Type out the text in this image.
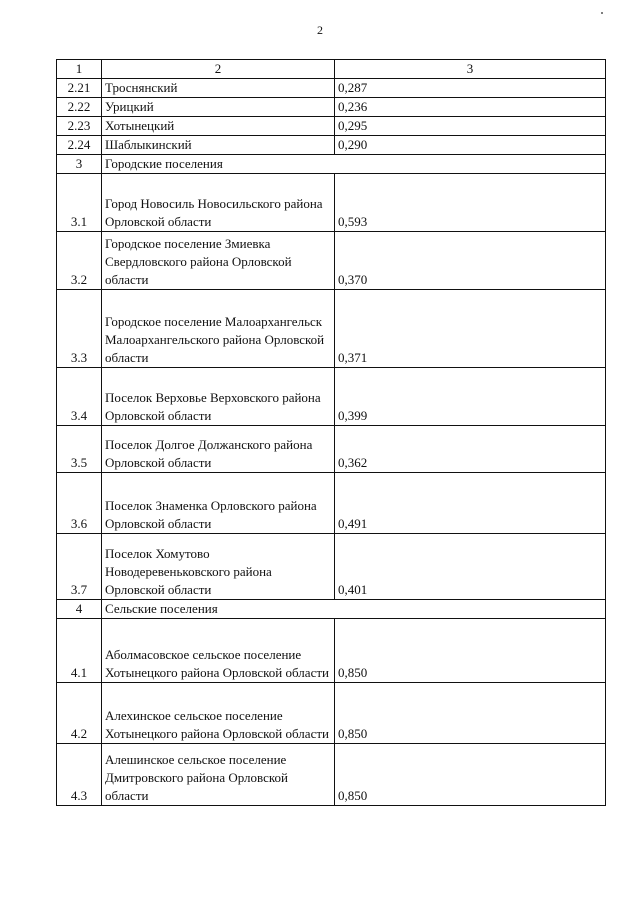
2
1	2	3
2.21	Троснянский	0,287
2.22	Урицкий	0,236
2.23	Хотынецкий	0,295
2.24	Шаблыкинский	0,290
3	Городские поселения	
3.1	Город Новосиль Новосильского района Орловской области	0,593
3.2	Городское поселение Змиевка Свердловского района Орловской области	0,370
3.3	Городское поселение Малоархангельск Малоархангельского района Орловской области	0,371
3.4	Поселок Верховье Верховского района Орловской области	0,399
3.5	Поселок Долгое Должанского района Орловской области	0,362
3.6	Поселок Знаменка Орловского района Орловской области	0,491
3.7	Поселок Хомутово Новодеревеньковского района Орловской области	0,401
4	Сельские поселения	
4.1	Аболмасовское сельское поселение Хотынецкого района Орловской области	0,850
4.2	Алехинское сельское поселение Хотынецкого района Орловской области	0,850
4.3	Алешинское сельское поселение Дмитровского района Орловской области	0,850
